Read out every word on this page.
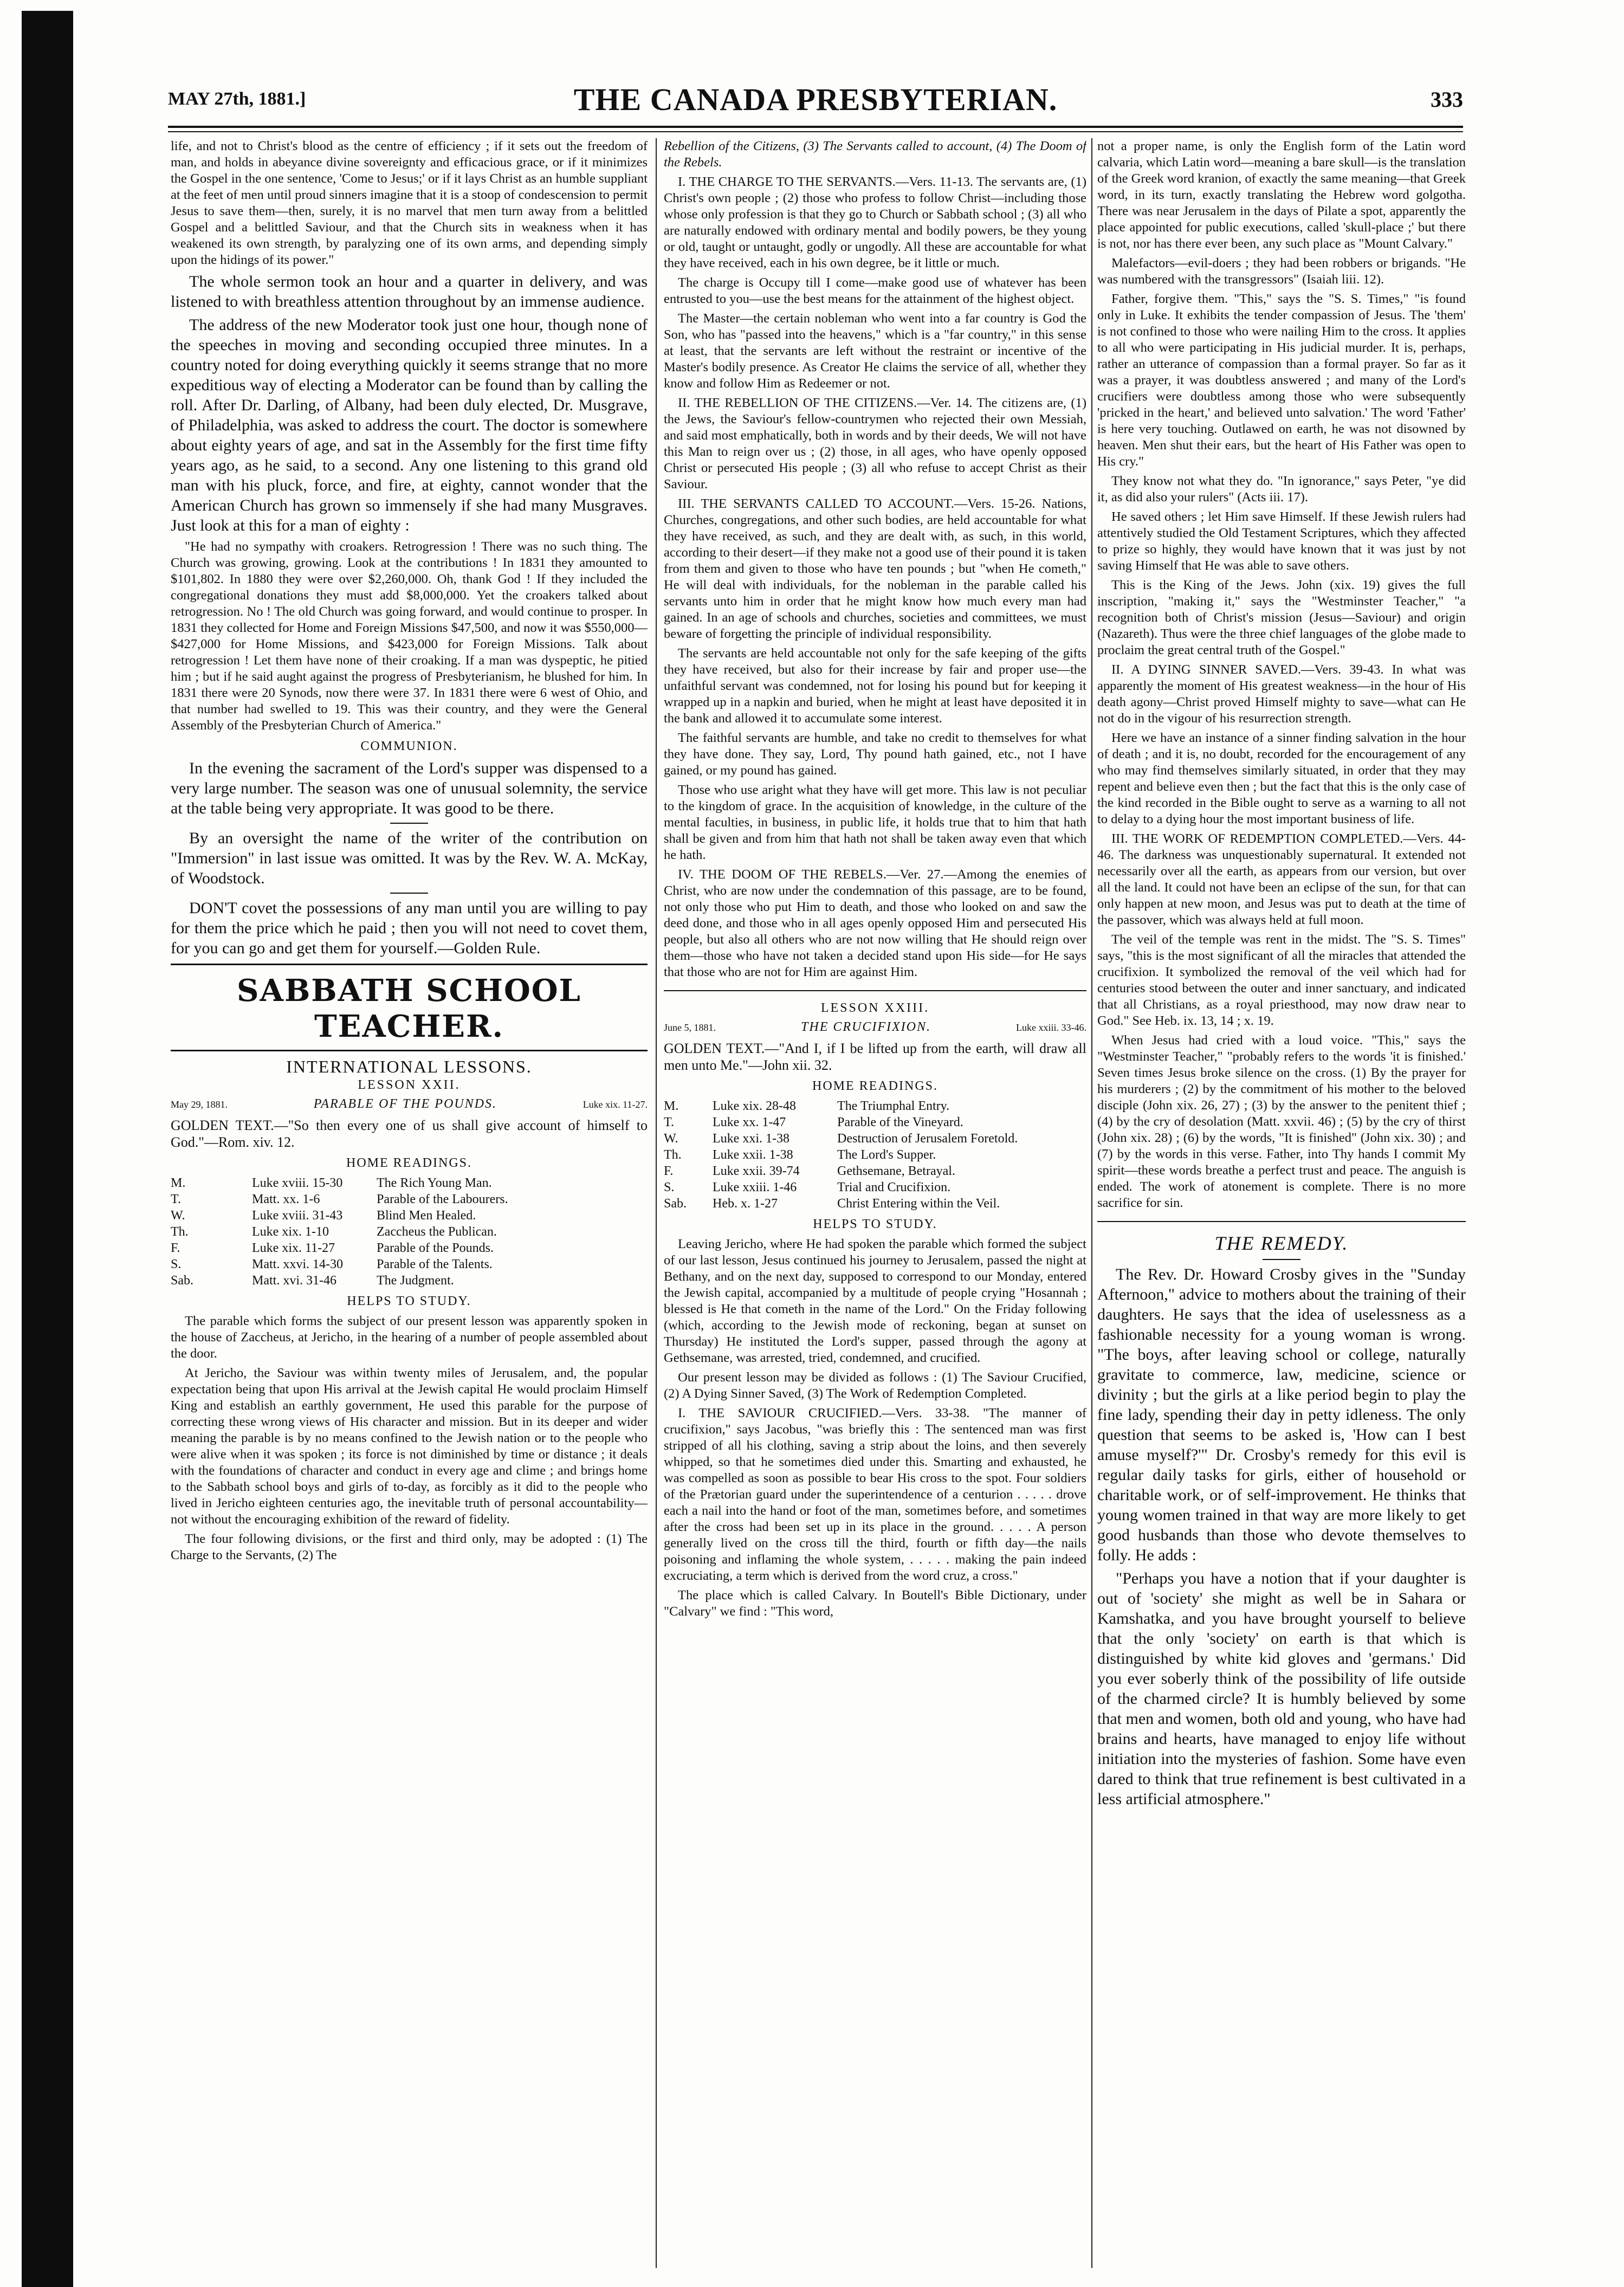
MAY 27th, 1881.]	THE CANADA PRESBYTERIAN.	333

life, and not to Christ's blood as the centre of efficiency ; if it sets out the freedom of man, and holds in abeyance divine sovereignty and efficacious grace, or if it minimizes the Gospel in the one sentence, 'Come to Jesus;' or if it lays Christ as an humble suppliant at the feet of men until proud sinners imagine that it is a stoop of condescension to permit Jesus to save them—then, surely, it is no marvel that men turn away from a belittled Gospel and a belittled Saviour, and that the Church sits in weakness when it has weakened its own strength, by paralyzing one of its own arms, and depending simply upon the hidings of its power."

The whole sermon took an hour and a quarter in delivery, and was listened to with breathless attention throughout by an immense audience.

The address of the new Moderator took just one hour, though none of the speeches in moving and seconding occupied three minutes. In a country noted for doing everything quickly it seems strange that no more expeditious way of electing a Moderator can be found than by calling the roll. After Dr. Darling, of Albany, had been duly elected, Dr. Musgrave, of Philadelphia, was asked to address the court. The doctor is somewhere about eighty years of age, and sat in the Assembly for the first time fifty years ago, as he said, to a second. Any one listening to this grand old man with his pluck, force, and fire, at eighty, cannot wonder that the American Church has grown so immensely if she had many Musgraves. Just look at this for a man of eighty :

"He had no sympathy with croakers. Retrogression ! There was no such thing. The Church was growing, growing. Look at the contributions ! In 1831 they amounted to $101,802. In 1880 they were over $2,260,000. Oh, thank God ! If they included the congregational donations they must add $8,000,000. Yet the croakers talked about retrogression. No ! The old Church was going forward, and would continue to prosper. In 1831 they collected for Home and Foreign Missions $47,500, and now it was $550,000—$427,000 for Home Missions, and $423,000 for Foreign Missions. Talk about retrogression ! Let them have none of their croaking. If a man was dyspeptic, he pitied him ; but if he said aught against the progress of Presbyterianism, he blushed for him. In 1831 there were 20 Synods, now there were 37. In 1831 there were 6 west of Ohio, and that number had swelled to 19. This was their country, and they were the General Assembly of the Presbyterian Church of America."

COMMUNION.

In the evening the sacrament of the Lord's supper was dispensed to a very large number. The season was one of unusual solemnity, the service at the table being very appropriate. It was good to be there.

By an oversight the name of the writer of the contribution on "Immersion" in last issue was omitted. It was by the Rev. W. A. McKay, of Woodstock.

DON'T covet the possessions of any man until you are willing to pay for them the price which he paid ; then you will not need to covet them, for you can go and get them for yourself.—Golden Rule.

SABBATH SCHOOL TEACHER.
INTERNATIONAL LESSONS.
LESSON XXII.
May 29, 1881.	PARABLE OF THE POUNDS.	Luke xix. 11-27.
GOLDEN TEXT.—"So then every one of us shall give account of himself to God."—Rom. xiv. 12.
HOME READINGS.
M.	Luke xviii. 15-30	The Rich Young Man.
T.	Matt. xx. 1-6	Parable of the Labourers.
W.	Luke xviii. 31-43	Blind Men Healed.
Th.	Luke xix. 1-10	Zaccheus the Publican.
F.	Luke xix. 11-27	Parable of the Pounds.
S.	Matt. xxvi. 14-30	Parable of the Talents.
Sab.	Matt. xvi. 31-46	The Judgment.
HELPS TO STUDY.

The parable which forms the subject of our present lesson was apparently spoken in the house of Zaccheus, at Jericho, in the hearing of a number of people assembled about the door.

At Jericho, the Saviour was within twenty miles of Jerusalem, and, the popular expectation being that upon His arrival at the Jewish capital He would proclaim Himself King and establish an earthly government, He used this parable for the purpose of correcting these wrong views of His character and mission. But in its deeper and wider meaning the parable is by no means confined to the Jewish nation or to the people who were alive when it was spoken ; its force is not diminished by time or distance ; it deals with the foundations of character and conduct in every age and clime ; and brings home to the Sabbath school boys and girls of to-day, as forcibly as it did to the people who lived in Jericho eighteen centuries ago, the inevitable truth of personal accountability—not without the encouraging exhibition of the reward of fidelity.

The four following divisions, or the first and third only, may be adopted : (1) The Charge to the Servants, (2) The

Rebellion of the Citizens, (3) The Servants called to account, (4) The Doom of the Rebels.

I. THE CHARGE TO THE SERVANTS.—Vers. 11-13. The servants are, (1) Christ's own people ; (2) those who profess to follow Christ—including those whose only profession is that they go to Church or Sabbath school ; (3) all who are naturally endowed with ordinary mental and bodily powers, be they young or old, taught or untaught, godly or ungodly. All these are accountable for what they have received, each in his own degree, be it little or much.

The charge is Occupy till I come—make good use of whatever has been entrusted to you—use the best means for the attainment of the highest object.

The Master—the certain nobleman who went into a far country is God the Son, who has "passed into the heavens," which is a "far country," in this sense at least, that the servants are left without the restraint or incentive of the Master's bodily presence. As Creator He claims the service of all, whether they know and follow Him as Redeemer or not.

II. THE REBELLION OF THE CITIZENS.—Ver. 14. The citizens are, (1) the Jews, the Saviour's fellow-countrymen who rejected their own Messiah, and said most emphatically, both in words and by their deeds, We will not have this Man to reign over us ; (2) those, in all ages, who have openly opposed Christ or persecuted His people ; (3) all who refuse to accept Christ as their Saviour.

III. THE SERVANTS CALLED TO ACCOUNT.—Vers. 15-26. Nations, Churches, congregations, and other such bodies, are held accountable for what they have received, as such, and they are dealt with, as such, in this world, according to their desert—if they make not a good use of their pound it is taken from them and given to those who have ten pounds ; but "when He cometh," He will deal with individuals, for the nobleman in the parable called his servants unto him in order that he might know how much every man had gained. In an age of schools and churches, societies and committees, we must beware of forgetting the principle of individual responsibility.

The servants are held accountable not only for the safe keeping of the gifts they have received, but also for their increase by fair and proper use—the unfaithful servant was condemned, not for losing his pound but for keeping it wrapped up in a napkin and buried, when he might at least have deposited it in the bank and allowed it to accumulate some interest.

The faithful servants are humble, and take no credit to themselves for what they have done. They say, Lord, Thy pound hath gained, etc., not I have gained, or my pound has gained.

Those who use aright what they have will get more. This law is not peculiar to the kingdom of grace. In the acquisition of knowledge, in the culture of the mental faculties, in business, in public life, it holds true that to him that hath shall be given and from him that hath not shall be taken away even that which he hath.

IV. THE DOOM OF THE REBELS.—Ver. 27.—Among the enemies of Christ, who are now under the condemnation of this passage, are to be found, not only those who put Him to death, and those who looked on and saw the deed done, and those who in all ages openly opposed Him and persecuted His people, but also all others who are not now willing that He should reign over them—those who have not taken a decided stand upon His side—for He says that those who are not for Him are against Him.

LESSON XXIII.
June 5, 1881.	THE CRUCIFIXION.	Luke xxiii. 33-46.
GOLDEN TEXT.—"And I, if I be lifted up from the earth, will draw all men unto Me."—John xii. 32.
HOME READINGS.
M.	Luke xix. 28-48	The Triumphal Entry.
T.	Luke xx. 1-47	Parable of the Vineyard.
W.	Luke xxi. 1-38	Destruction of Jerusalem Foretold.
Th.	Luke xxii. 1-38	The Lord's Supper.
F.	Luke xxii. 39-74	Gethsemane, Betrayal.
S.	Luke xxiii. 1-46	Trial and Crucifixion.
Sab.	Heb. x. 1-27	Christ Entering within the Veil.
HELPS TO STUDY.

Leaving Jericho, where He had spoken the parable which formed the subject of our last lesson, Jesus continued his journey to Jerusalem, passed the night at Bethany, and on the next day, supposed to correspond to our Monday, entered the Jewish capital, accompanied by a multitude of people crying "Hosannah ; blessed is He that cometh in the name of the Lord." On the Friday following (which, according to the Jewish mode of reckoning, began at sunset on Thursday) He instituted the Lord's supper, passed through the agony at Gethsemane, was arrested, tried, condemned, and crucified.

Our present lesson may be divided as follows : (1) The Saviour Crucified, (2) A Dying Sinner Saved, (3) The Work of Redemption Completed.

I. THE SAVIOUR CRUCIFIED.—Vers. 33-38. "The manner of crucifixion," says Jacobus, "was briefly this : The sentenced man was first stripped of all his clothing, saving a strip about the loins, and then severely whipped, so that he sometimes died under this. Smarting and exhausted, he was compelled as soon as possible to bear His cross to the spot. Four soldiers of the Prætorian guard under the superintendence of a centurion . . . . . drove each a nail into the hand or foot of the man, sometimes before, and sometimes after the cross had been set up in its place in the ground. . . . . A person generally lived on the cross till the third, fourth or fifth day—the nails poisoning and inflaming the whole system, . . . . . making the pain indeed excruciating, a term which is derived from the word cruz, a cross."

The place which is called Calvary. In Boutell's Bible Dictionary, under "Calvary" we find : "This word,

not a proper name, is only the English form of the Latin word calvaria, which Latin word—meaning a bare skull—is the translation of the Greek word kranion, of exactly the same meaning—that Greek word, in its turn, exactly translating the Hebrew word golgotha. There was near Jerusalem in the days of Pilate a spot, apparently the place appointed for public executions, called 'skull-place ;' but there is not, nor has there ever been, any such place as "Mount Calvary."

Malefactors—evil-doers ; they had been robbers or brigands. "He was numbered with the transgressors" (Isaiah liii. 12).

Father, forgive them. "This," says the "S. S. Times," "is found only in Luke. It exhibits the tender compassion of Jesus. The 'them' is not confined to those who were nailing Him to the cross. It applies to all who were participating in His judicial murder. It is, perhaps, rather an utterance of compassion than a formal prayer. So far as it was a prayer, it was doubtless answered ; and many of the Lord's crucifiers were doubtless among those who were subsequently 'pricked in the heart,' and believed unto salvation.' The word 'Father' is here very touching. Outlawed on earth, he was not disowned by heaven. Men shut their ears, but the heart of His Father was open to His cry."

They know not what they do. "In ignorance," says Peter, "ye did it, as did also your rulers" (Acts iii. 17).

He saved others ; let Him save Himself. If these Jewish rulers had attentively studied the Old Testament Scriptures, which they affected to prize so highly, they would have known that it was just by not saving Himself that He was able to save others.

This is the King of the Jews. John (xix. 19) gives the full inscription, "making it," says the "Westminster Teacher," "a recognition both of Christ's mission (Jesus—Saviour) and origin (Nazareth). Thus were the three chief languages of the globe made to proclaim the great central truth of the Gospel."

II. A DYING SINNER SAVED.—Vers. 39-43. In what was apparently the moment of His greatest weakness—in the hour of His death agony—Christ proved Himself mighty to save—what can He not do in the vigour of his resurrection strength.

Here we have an instance of a sinner finding salvation in the hour of death ; and it is, no doubt, recorded for the encouragement of any who may find themselves similarly situated, in order that they may repent and believe even then ; but the fact that this is the only case of the kind recorded in the Bible ought to serve as a warning to all not to delay to a dying hour the most important business of life.

III. THE WORK OF REDEMPTION COMPLETED.—Vers. 44-46. The darkness was unquestionably supernatural. It extended not necessarily over all the earth, as appears from our version, but over all the land. It could not have been an eclipse of the sun, for that can only happen at new moon, and Jesus was put to death at the time of the passover, which was always held at full moon.

The veil of the temple was rent in the midst. The "S. S. Times" says, "this is the most significant of all the miracles that attended the crucifixion. It symbolized the removal of the veil which had for centuries stood between the outer and inner sanctuary, and indicated that all Christians, as a royal priesthood, may now draw near to God." See Heb. ix. 13, 14 ; x. 19.

When Jesus had cried with a loud voice. "This," says the "Westminster Teacher," "probably refers to the words 'it is finished.' Seven times Jesus broke silence on the cross. (1) By the prayer for his murderers ; (2) by the commitment of his mother to the beloved disciple (John xix. 26, 27) ; (3) by the answer to the penitent thief ; (4) by the cry of desolation (Matt. xxvii. 46) ; (5) by the cry of thirst (John xix. 28) ; (6) by the words, "It is finished" (John xix. 30) ; and (7) by the words in this verse. Father, into Thy hands I commit My spirit—these words breathe a perfect trust and peace. The anguish is ended. The work of atonement is complete. There is no more sacrifice for sin.

THE REMEDY.

The Rev. Dr. Howard Crosby gives in the "Sunday Afternoon," advice to mothers about the training of their daughters. He says that the idea of uselessness as a fashionable necessity for a young woman is wrong. "The boys, after leaving school or college, naturally gravitate to commerce, law, medicine, science or divinity ; but the girls at a like period begin to play the fine lady, spending their day in petty idleness. The only question that seems to be asked is, 'How can I best amuse myself?'" Dr. Crosby's remedy for this evil is regular daily tasks for girls, either of household or charitable work, or of self-improvement. He thinks that young women trained in that way are more likely to get good husbands than those who devote themselves to folly. He adds :

"Perhaps you have a notion that if your daughter is out of 'society' she might as well be in Sahara or Kamshatka, and you have brought yourself to believe that the only 'society' on earth is that which is distinguished by white kid gloves and 'germans.' Did you ever soberly think of the possibility of life outside of the charmed circle? It is humbly believed by some that men and women, both old and young, who have had brains and hearts, have managed to enjoy life without initiation into the mysteries of fashion. Some have even dared to think that true refinement is best cultivated in a less artificial atmosphere."
